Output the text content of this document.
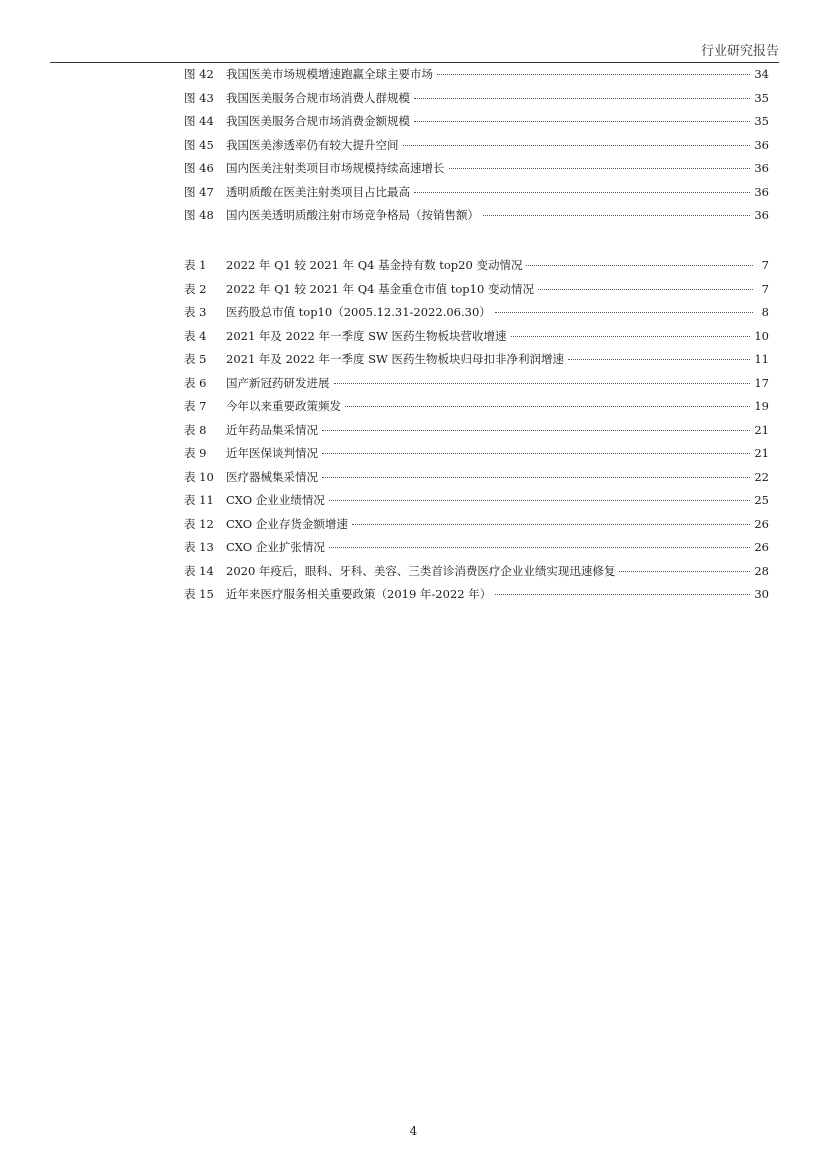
行业研究报告
图 42	我国医美市场规模增速跑赢全球主要市场	34
图 43	我国医美服务合规市场消费人群规模	35
图 44	我国医美服务合规市场消费金额规模	35
图 45	我国医美渗透率仍有较大提升空间	36
图 46	国内医美注射类项目市场规模持续高速增长	36
图 47	透明质酸在医美注射类项目占比最高	36
图 48	国内医美透明质酸注射市场竞争格局（按销售额）	36
表 1	2022 年 Q1 较 2021 年 Q4 基金持有数 top20 变动情况	7
表 2	2022 年 Q1 较 2021 年 Q4 基金重仓市值 top10 变动情况	7
表 3	医药股总市值 top10（2005.12.31-2022.06.30）	8
表 4	2021 年及 2022 年一季度 SW 医药生物板块营收增速	10
表 5	2021 年及 2022 年一季度 SW 医药生物板块归母扣非净利润增速	11
表 6	国产新冠药研发进展	17
表 7	今年以来重要政策频发	19
表 8	近年药品集采情况	21
表 9	近年医保谈判情况	21
表 10	医疗器械集采情况	22
表 11	CXO 企业业绩情况	25
表 12	CXO 企业存货金额增速	26
表 13	CXO 企业扩张情况	26
表 14	2020 年疫后，眼科、牙科、美容、三类首诊消费医疗企业业绩实现迅速修复	28
表 15	近年来医疗服务相关重要政策（2019 年-2022 年）	30
4
